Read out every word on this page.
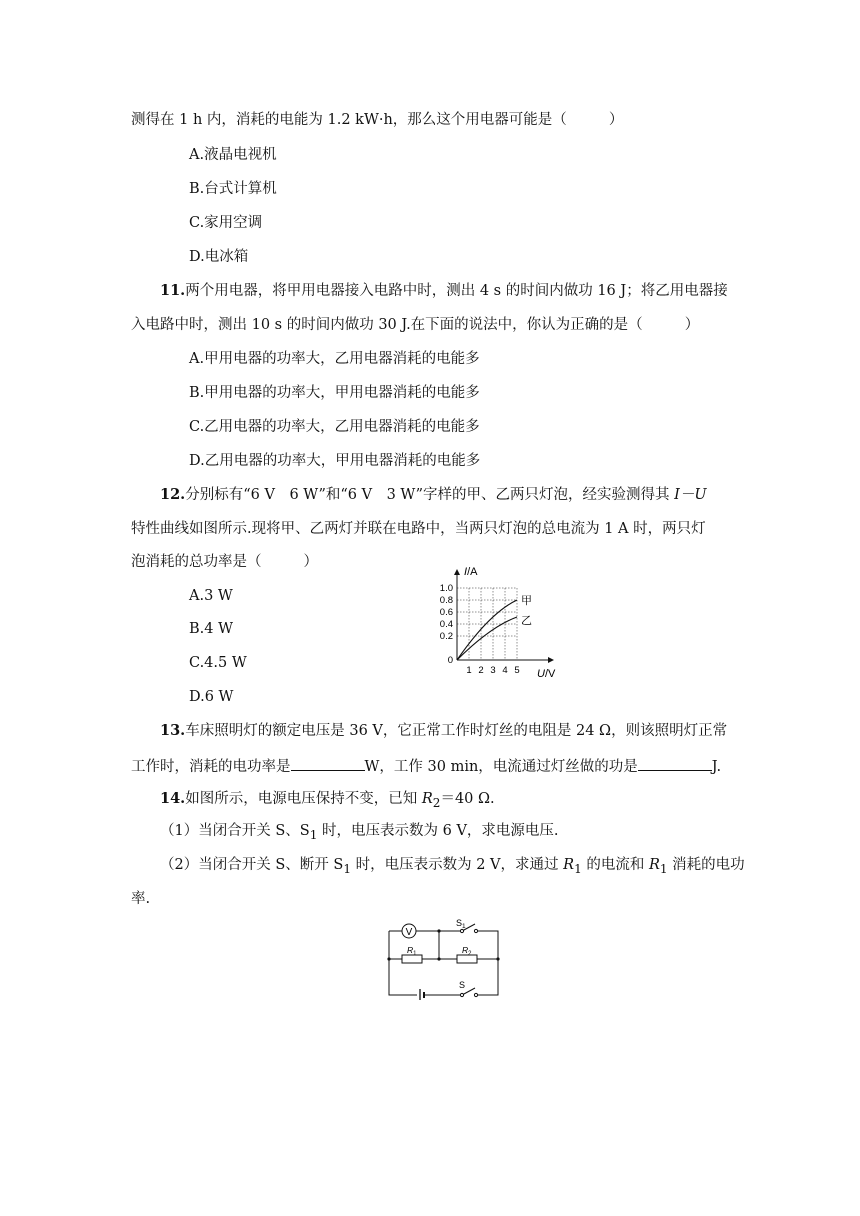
测得在 1 h 内，消耗的电能为 1.2 kW·h，那么这个用电器可能是（	）
A.液晶电视机
B.台式计算机
C.家用空调
D.电冰箱
11.两个用电器，将甲用电器接入电路中时，测出 4 s 的时间内做功 16 J；将乙用电器接
入电路中时，测出 10 s 的时间内做功 30 J.在下面的说法中，你认为正确的是（	）
A.甲用电器的功率大，乙用电器消耗的电能多
B.甲用电器的功率大，甲用电器消耗的电能多
C.乙用电器的功率大，乙用电器消耗的电能多
D.乙用电器的功率大，甲用电器消耗的电能多
12.分别标有“6 V　6 W”和“6 V　3 W”字样的甲、乙两只灯泡，经实验测得其 I－U
特性曲线如图所示.现将甲、乙两灯并联在电路中，当两只灯泡的总电流为 1 A 时，两只灯
泡消耗的总功率是（	）
A.3 W
B.4 W
C.4.5 W
D.6 W
I/A
U/V
1.0
0.8
0.6
0.4
0.2
0
1 2 3 4 5
甲
乙
13.车床照明灯的额定电压是 36 V，它正常工作时灯丝的电阻是 24 Ω，则该照明灯正常
工作时，消耗的电功率是	W，工作 30 min，电流通过灯丝做的功是	J.
14.如图所示，电源电压保持不变，已知 $R_2=40$ Ω.
（1）当闭合开关 S、$S_1$ 时，电压表示数为 6 V，求电源电压.
（2）当闭合开关 S、断开 $S_1$ 时，电压表示数为 2 V，求通过 $R_1$ 的电流和 $R_1$ 消耗的电功
率.
V
$S_1$
$R_1$	$R_2$
S
